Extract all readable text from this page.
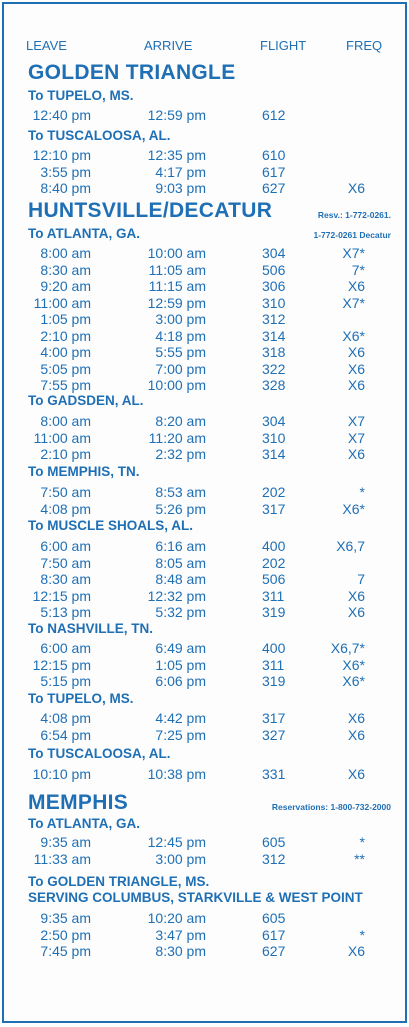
LEAVE	ARRIVE	FLIGHT	FREQ
GOLDEN TRIANGLE
To TUPELO, MS.
12:40 pm	12:59 pm	612
To TUSCALOOSA, AL.
12:10 pm	12:35 pm	610
3:55 pm	4:17 pm	617
8:40 pm	9:03 pm	627	X6
HUNTSVILLE/DECATUR	Resv.: 1-772-0261.
1-772-0261 Decatur
To ATLANTA, GA.
8:00 am	10:00 am	304	X7*
8:30 am	11:05 am	506	7*
9:20 am	11:15 am	306	X6
11:00 am	12:59 pm	310	X7*
1:05 pm	3:00 pm	312
2:10 pm	4:18 pm	314	X6*
4:00 pm	5:55 pm	318	X6
5:05 pm	7:00 pm	322	X6
7:55 pm	10:00 pm	328	X6
To GADSDEN, AL.
8:00 am	8:20 am	304	X7
11:00 am	11:20 am	310	X7
2:10 pm	2:32 pm	314	X6
To MEMPHIS, TN.
7:50 am	8:53 am	202	*
4:08 pm	5:26 pm	317	X6*
To MUSCLE SHOALS, AL.
6:00 am	6:16 am	400	X6,7
7:50 am	8:05 am	202
8:30 am	8:48 am	506	7
12:15 pm	12:32 pm	311	X6
5:13 pm	5:32 pm	319	X6
To NASHVILLE, TN.
6:00 am	6:49 am	400	X6,7*
12:15 pm	1:05 pm	311	X6*
5:15 pm	6:06 pm	319	X6*
To TUPELO, MS.
4:08 pm	4:42 pm	317	X6
6:54 pm	7:25 pm	327	X6
To TUSCALOOSA, AL.
10:10 pm	10:38 pm	331	X6
MEMPHIS	Reservations: 1-800-732-2000
To ATLANTA, GA.
9:35 am	12:45 pm	605	*
11:33 am	3:00 pm	312	**
To GOLDEN TRIANGLE, MS.
SERVING COLUMBUS, STARKVILLE & WEST POINT
9:35 am	10:20 am	605
2:50 pm	3:47 pm	617	*
7:45 pm	8:30 pm	627	X6
